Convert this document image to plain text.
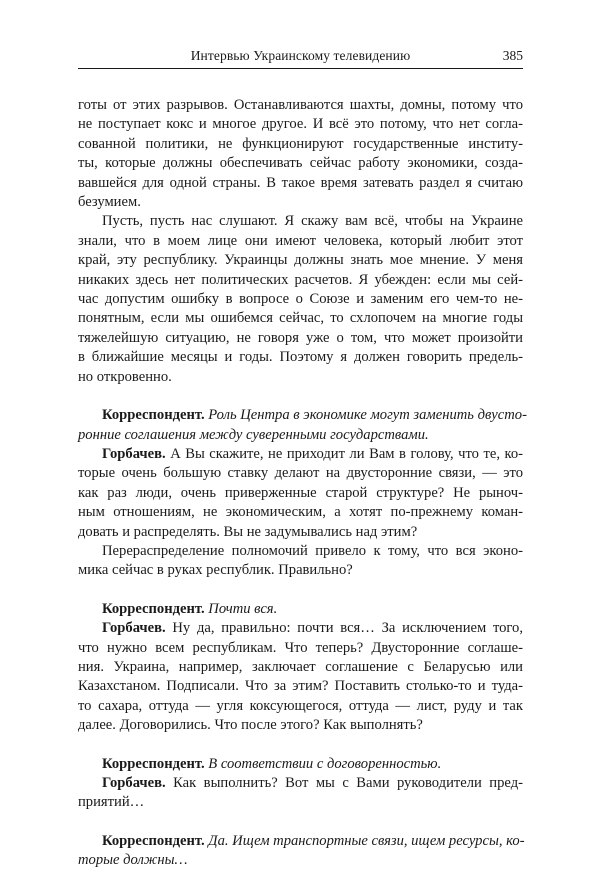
Интервью Украинскому телевидению	385
готы от этих разрывов. Останавливаются шахты, домны, потому что
не поступает кокс и многое другое. И всё это потому, что нет согла-
сованной политики, не функционируют государственные институ-
ты, которые должны обеспечивать сейчас работу экономики, созда-
вавшейся для одной страны. В такое время затевать раздел я считаю
безумием.
Пусть, пусть нас слушают. Я скажу вам всё, чтобы на Украине
знали, что в моем лице они имеют человека, который любит этот
край, эту республику. Украинцы должны знать мое мнение. У меня
никаких здесь нет политических расчетов. Я убежден: если мы сей-
час допустим ошибку в вопросе о Союзе и заменим его чем-то не-
понятным, если мы ошибемся сейчас, то схлопочем на многие годы
тяжелейшую ситуацию, не говоря уже о том, что может произойти
в ближайшие месяцы и годы. Поэтому я должен говорить предель-
но откровенно.
Корреспондент. Роль Центра в экономике могут заменить двусто-
ронние соглашения между суверенными государствами.
Горбачев. А Вы скажите, не приходит ли Вам в голову, что те, ко-
торые очень большую ставку делают на двусторонние связи, — это
как раз люди, очень приверженные старой структуре? Не рыноч-
ным отношениям, не экономическим, а хотят по-прежнему коман-
довать и распределять. Вы не задумывались над этим?
Перераспределение полномочий привело к тому, что вся эконо-
мика сейчас в руках республик. Правильно?
Корреспондент. Почти вся.
Горбачев. Ну да, правильно: почти вся… За исключением того,
что нужно всем республикам. Что теперь? Двусторонние соглаше-
ния. Украина, например, заключает соглашение с Беларусью или
Казахстаном. Подписали. Что за этим? Поставить столько-то и туда-
то сахара, оттуда — угля коксующегося, оттуда — лист, руду и так
далее. Договорились. Что после этого? Как выполнять?
Корреспондент. В соответствии с договоренностью.
Горбачев. Как выполнить? Вот мы с Вами руководители пред-
приятий…
Корреспондент. Да. Ищем транспортные связи, ищем ресурсы, ко-
торые должны…
